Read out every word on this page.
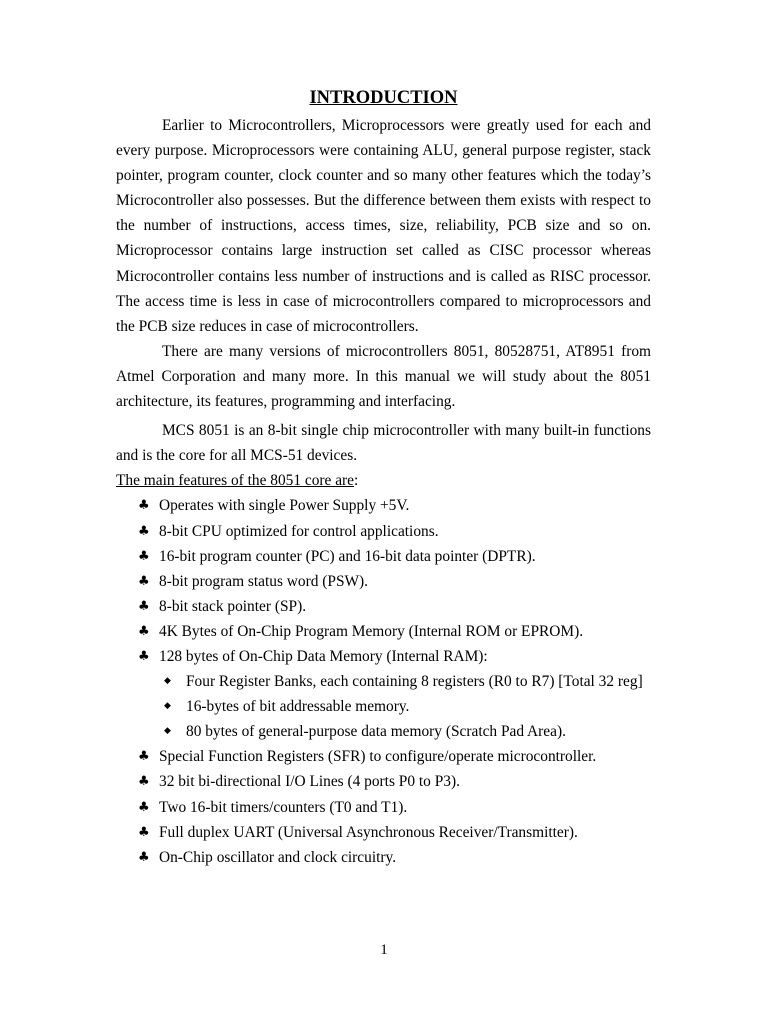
INTRODUCTION

Earlier to Microcontrollers, Microprocessors were greatly used for each and every purpose. Microprocessors were containing ALU, general purpose register, stack pointer, program counter, clock counter and so many other features which the today’s Microcontroller also possesses. But the difference between them exists with respect to the number of instructions, access times, size, reliability, PCB size and so on. Microprocessor contains large instruction set called as CISC processor whereas Microcontroller contains less number of instructions and is called as RISC processor. The access time is less in case of microcontrollers compared to microprocessors and the PCB size reduces in case of microcontrollers.

There are many versions of microcontrollers 8051, 80528751, AT8951 from Atmel Corporation and many more. In this manual we will study about the 8051 architecture, its features, programming and interfacing.

MCS 8051 is an 8-bit single chip microcontroller with many built-in functions and is the core for all MCS-51 devices.

The main features of the 8051 core are:

♣ Operates with single Power Supply +5V.
♣ 8-bit CPU optimized for control applications.
♣ 16-bit program counter (PC) and 16-bit data pointer (DPTR).
♣ 8-bit program status word (PSW).
♣ 8-bit stack pointer (SP).
♣ 4K Bytes of On-Chip Program Memory (Internal ROM or EPROM).
♣ 128 bytes of On-Chip Data Memory (Internal RAM):
◆ Four Register Banks, each containing 8 registers (R0 to R7) [Total 32 reg]
◆ 16-bytes of bit addressable memory.
◆ 80 bytes of general-purpose data memory (Scratch Pad Area).
♣ Special Function Registers (SFR) to configure/operate microcontroller.
♣ 32 bit bi-directional I/O Lines (4 ports P0 to P3).
♣ Two 16-bit timers/counters (T0 and T1).
♣ Full duplex UART (Universal Asynchronous Receiver/Transmitter).
♣ On-Chip oscillator and clock circuitry.
1
